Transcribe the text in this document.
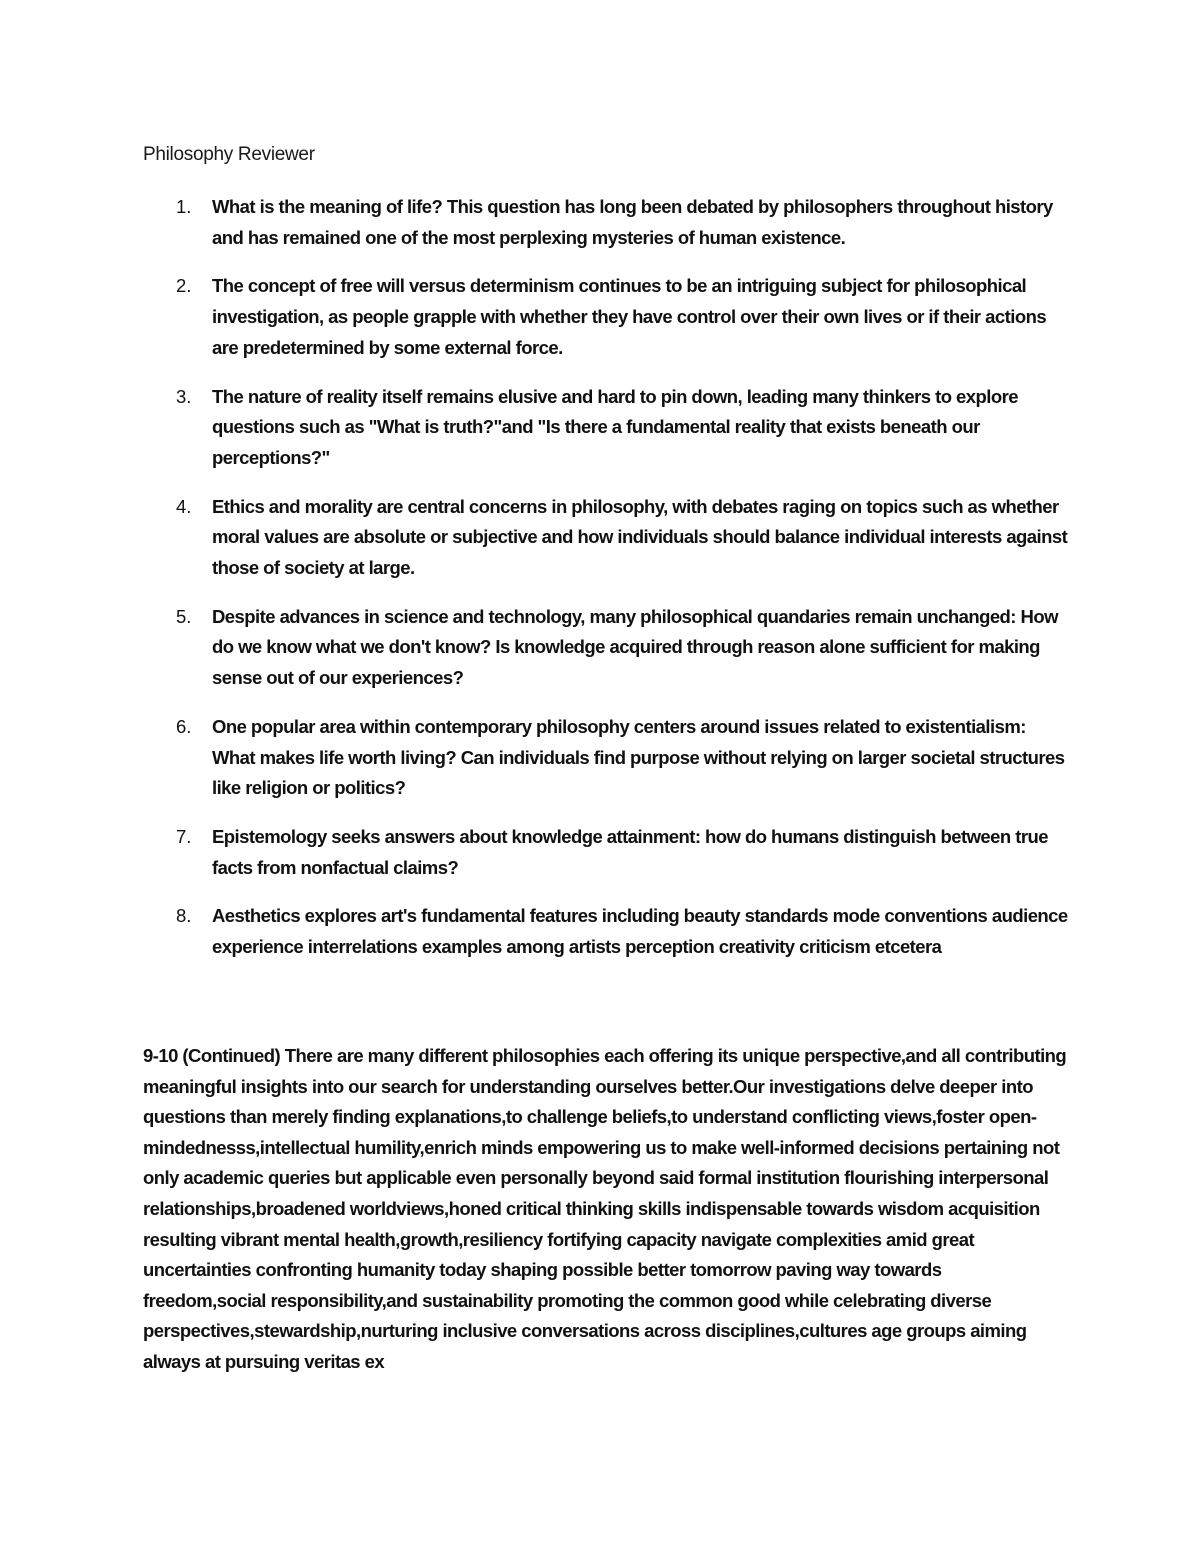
Philosophy Reviewer
1. What is the meaning of life? This question has long been debated by philosophers throughout history and has remained one of the most perplexing mysteries of human existence.
2. The concept of free will versus determinism continues to be an intriguing subject for philosophical investigation, as people grapple with whether they have control over their own lives or if their actions are predetermined by some external force.
3. The nature of reality itself remains elusive and hard to pin down, leading many thinkers to explore questions such as "What is truth?"and "Is there a fundamental reality that exists beneath our perceptions?"
4. Ethics and morality are central concerns in philosophy, with debates raging on topics such as whether moral values are absolute or subjective and how individuals should balance individual interests against those of society at large.
5. Despite advances in science and technology, many philosophical quandaries remain unchanged: How do we know what we don't know? Is knowledge acquired through reason alone sufficient for making sense out of our experiences?
6. One popular area within contemporary philosophy centers around issues related to existentialism: What makes life worth living? Can individuals find purpose without relying on larger societal structures like religion or politics?
7. Epistemology seeks answers about knowledge attainment: how do humans distinguish between true facts from nonfactual claims?
8. Aesthetics explores art's fundamental features including beauty standards mode conventions audience experience interrelations examples among artists perception creativity criticism etcetera

9-10 (Continued) There are many different philosophies each offering its unique perspective,and all contributing meaningful insights into our search for understanding ourselves better.Our investigations delve deeper into questions than merely finding explanations,to challenge beliefs,to understand conflicting views,foster open-mindednesss,intellectual humility,enrich minds empowering us to make well-informed decisions pertaining not only academic queries but applicable even personally beyond said formal institution flourishing interpersonal relationships,broadened worldviews,honed critical thinking skills indispensable towards wisdom acquisition resulting vibrant mental health,growth,resiliency fortifying capacity navigate complexities amid great uncertainties confronting humanity today shaping possible better tomorrow paving way towards freedom,social responsibility,and sustainability promoting the common good while celebrating diverse perspectives,stewardship,nurturing inclusive conversations across disciplines,cultures age groups aiming always at pursuing veritas ex
